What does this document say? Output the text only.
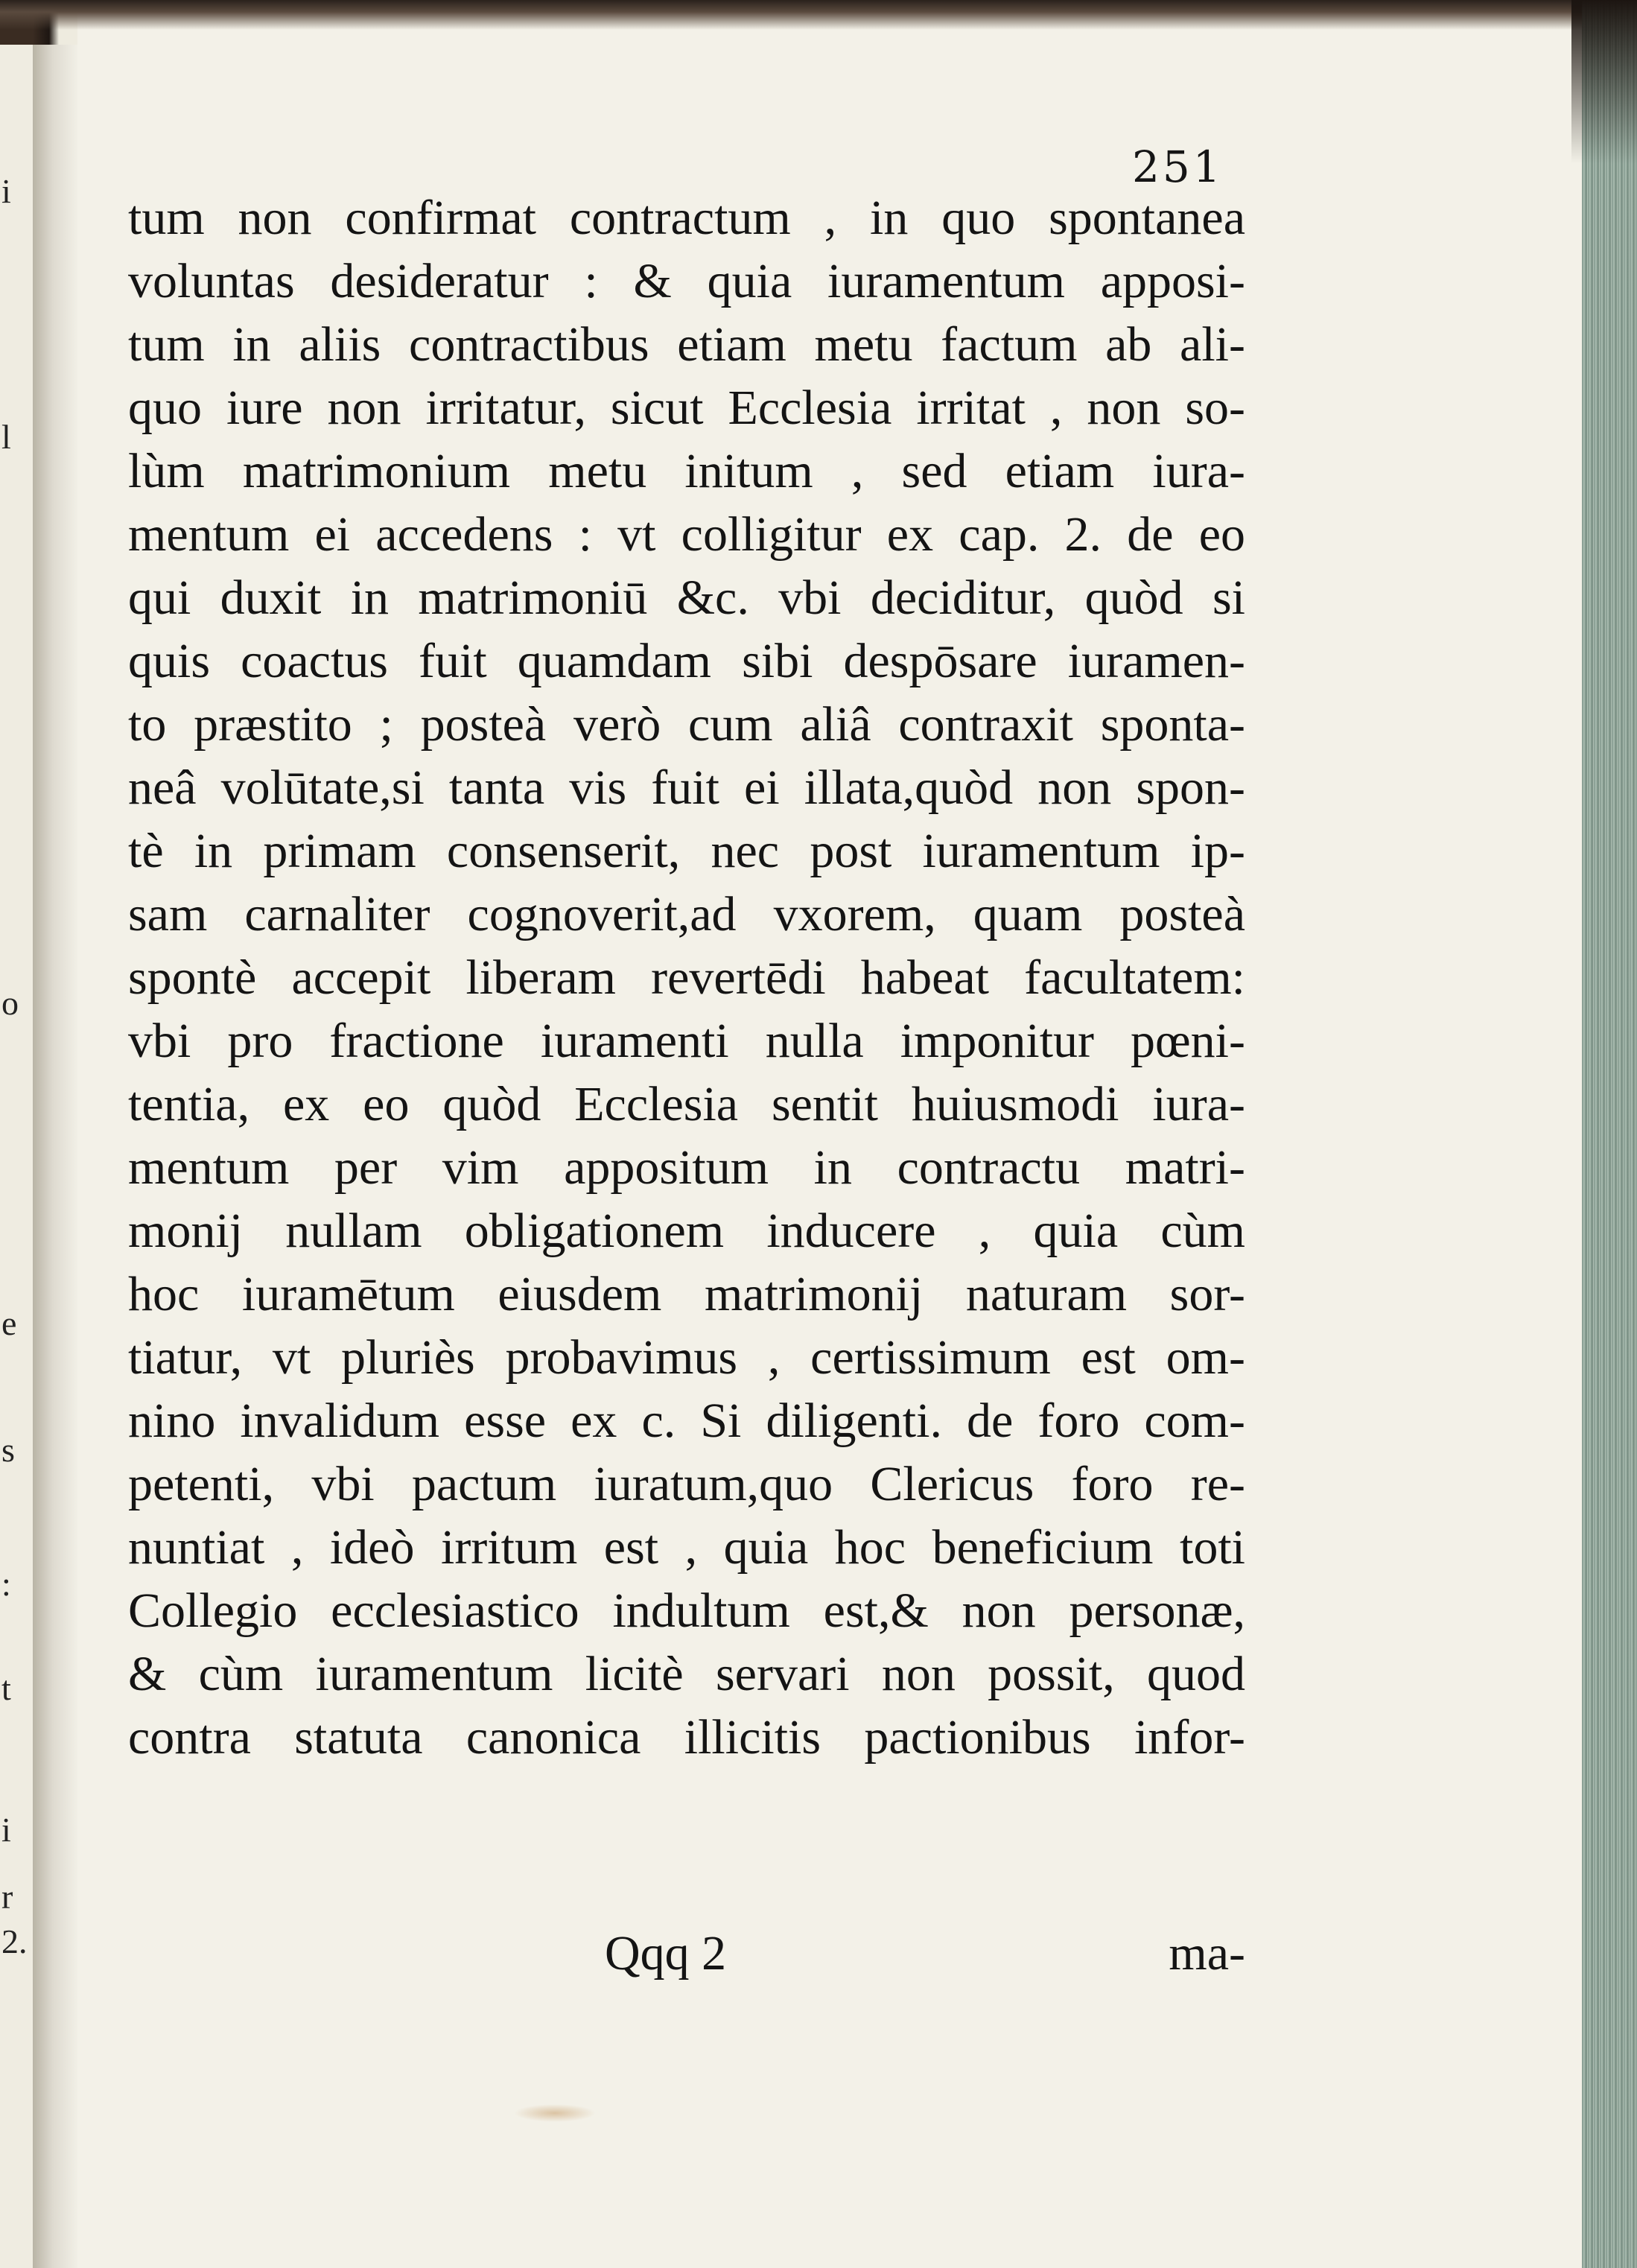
i
l
o
e
s
:
t
i
r
2.
251
tum non confirmat contractum , in quo spontanea
voluntas desideratur : & quia iuramentum apposi-
tum in aliis contractibus etiam metu factum ab ali-
quo iure non irritatur, sicut Ecclesia irritat , non so-
lùm matrimonium metu initum , sed etiam iura-
mentum ei accedens : vt colligitur ex cap. 2. de eo
qui duxit in matrimoniū &c. vbi deciditur, quòd si
quis coactus fuit quamdam sibi despōsare iuramen-
to præstito ; posteà verò cum aliâ contraxit sponta-
neâ volūtate,si tanta vis fuit ei illata,quòd non spon-
tè in primam consenserit, nec post iuramentum ip-
sam carnaliter cognoverit,ad vxorem, quam posteà
spontè accepit liberam revertēdi habeat facultatem:
vbi pro fractione iuramenti nulla imponitur pœni-
tentia, ex eo quòd Ecclesia sentit huiusmodi iura-
mentum per vim appositum in contractu matri-
monij nullam obligationem inducere , quia cùm
hoc iuramētum eiusdem matrimonij naturam sor-
tiatur, vt pluriès probavimus , certissimum est om-
nino invalidum esse ex c. Si diligenti. de foro com-
petenti, vbi pactum iuratum,quo Clericus foro re-
nuntiat , ideò irritum est , quia hoc beneficium toti
Collegio ecclesiastico indultum est,& non personæ,
& cùm iuramentum licitè servari non possit, quod
contra statuta canonica illicitis pactionibus infor-
Qqq 2	ma-
